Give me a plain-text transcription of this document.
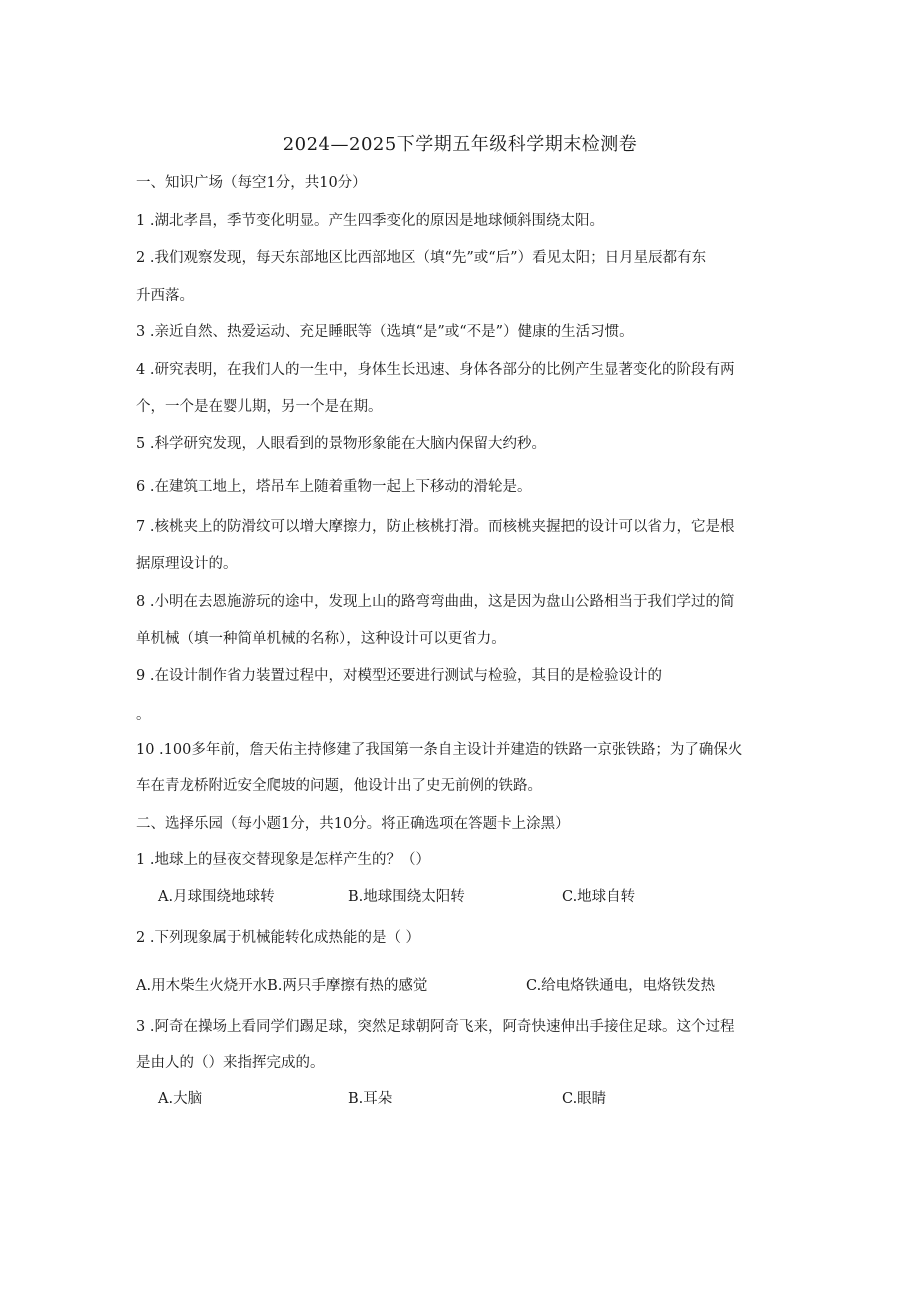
2024—2025下学期五年级科学期末检测卷
一、知识广场（每空1分，共10分）
1 .湖北孝昌，季节变化明显。产生四季变化的原因是地球倾斜围绕太阳。
2 .我们观察发现，每天东部地区比西部地区（填“先”或“后”）看见太阳；日月星辰都有东
升西落。
3 .亲近自然、热爱运动、充足睡眠等（选填“是”或“不是”）健康的生活习惯。
4 .研究表明，在我们人的一生中，身体生长迅速、身体各部分的比例产生显著变化的阶段有两
个，一个是在婴儿期，另一个是在期。
5 .科学研究发现，人眼看到的景物形象能在大脑内保留大约秒。
6 .在建筑工地上，塔吊车上随着重物一起上下移动的滑轮是。
7 .核桃夹上的防滑纹可以增大摩擦力，防止核桃打滑。而核桃夹握把的设计可以省力，它是根
据原理设计的。
8 .小明在去恩施游玩的途中，发现上山的路弯弯曲曲，这是因为盘山公路相当于我们学过的简
单机械（填一种简单机械的名称），这种设计可以更省力。
9 .在设计制作省力装置过程中，对模型还要进行测试与检验，其目的是检验设计的
。
10 .100多年前，詹天佑主持修建了我国第一条自主设计并建造的铁路一京张铁路；为了确保火
车在青龙桥附近安全爬坡的问题，他设计出了史无前例的铁路。
二、选择乐园（每小题1分，共10分。将正确选项在答题卡上涂黑）
1 .地球上的昼夜交替现象是怎样产生的？（）
A.月球围绕地球转	B.地球围绕太阳转	C.地球自转
2 .下列现象属于机械能转化成热能的是（ ）
A.用木柴生火烧开水B.两只手摩擦有热的感觉	C.给电烙铁通电，电烙铁发热
3 .阿奇在操场上看同学们踢足球，突然足球朝阿奇飞来，阿奇快速伸出手接住足球。这个过程
是由人的（）来指挥完成的。
A.大脑	B.耳朵	C.眼睛
